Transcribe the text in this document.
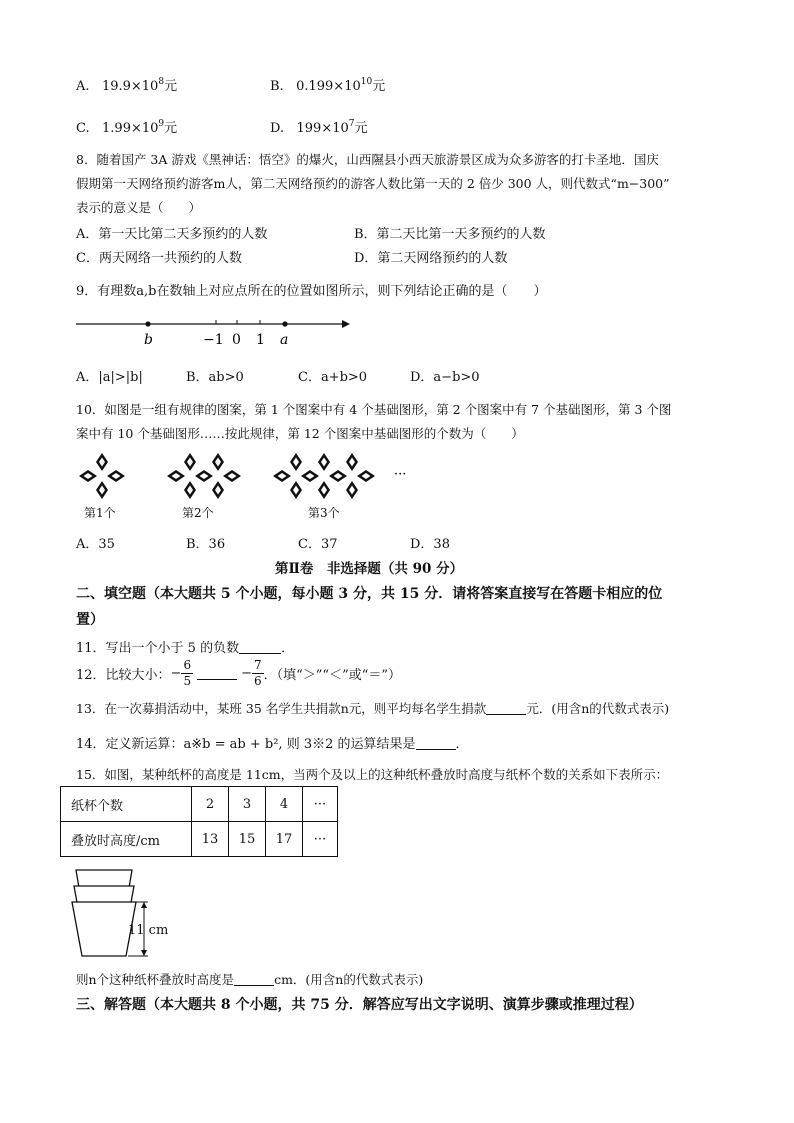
A. $19.9\times 10^8$元	B. $0.199\times 10^{10}$元
C. $1.99\times 10^9$元	D. $199\times 10^7$元
8．随着国产 3A 游戏《黑神话：悟空》的爆火，山西隰县小西天旅游景区成为众多游客的打卡圣地．国庆
假期第一天网络预约游客m人，第二天网络预约的游客人数比第一天的 2 倍少 300 人，则代数式“m−300”
表示的意义是（　　）
A．第一天比第二天多预约的人数	B．第二天比第一天多预约的人数
C．两天网络一共预约的人数	D．第二天网络预约的人数
9．有理数a,b在数轴上对应点所在的位置如图所示，则下列结论正确的是（　　）
b	−1 0 1 a
A．|a|>|b|	B．ab>0	C．a+b>0	D．a−b>0
10．如图是一组有规律的图案，第 1 个图案中有 4 个基础图形，第 2 个图案中有 7 个基础图形，第 3 个图
案中有 10 个基础图形……按此规律，第 12 个图案中基础图形的个数为（　　）
···
第1个	第2个	第3个
A．35	B．36	C．37	D．38
第Ⅱ卷　非选择题（共 90 分）
二、填空题（本大题共 5 个小题，每小题 3 分，共 15 分．请将答案直接写在答题卡相应的位
置）
11．写出一个小于 5 的负数	．
12．比较大小： − $\frac{6}{5}$	− $\frac{7}{6}$ ．（填“＞”“＜”或“＝”）
13．在一次募捐活动中，某班 35 名学生共捐款n元，则平均每名学生捐款	元．(用含n的代数式表示)
14．定义新运算：a※b = ab + b², 则 3※2 的运算结果是	．
15．如图，某种纸杯的高度是 11cm，当两个及以上的这种纸杯叠放时高度与纸杯个数的关系如下表所示：
纸杯个数	2	3	4	···
叠放时高度/cm	13	15	17	···
11 cm
则n个这种纸杯叠放时高度是	cm．(用含n的代数式表示)
三、解答题（本大题共 8 个小题，共 75 分．解答应写出文字说明、演算步骤或推理过程）
